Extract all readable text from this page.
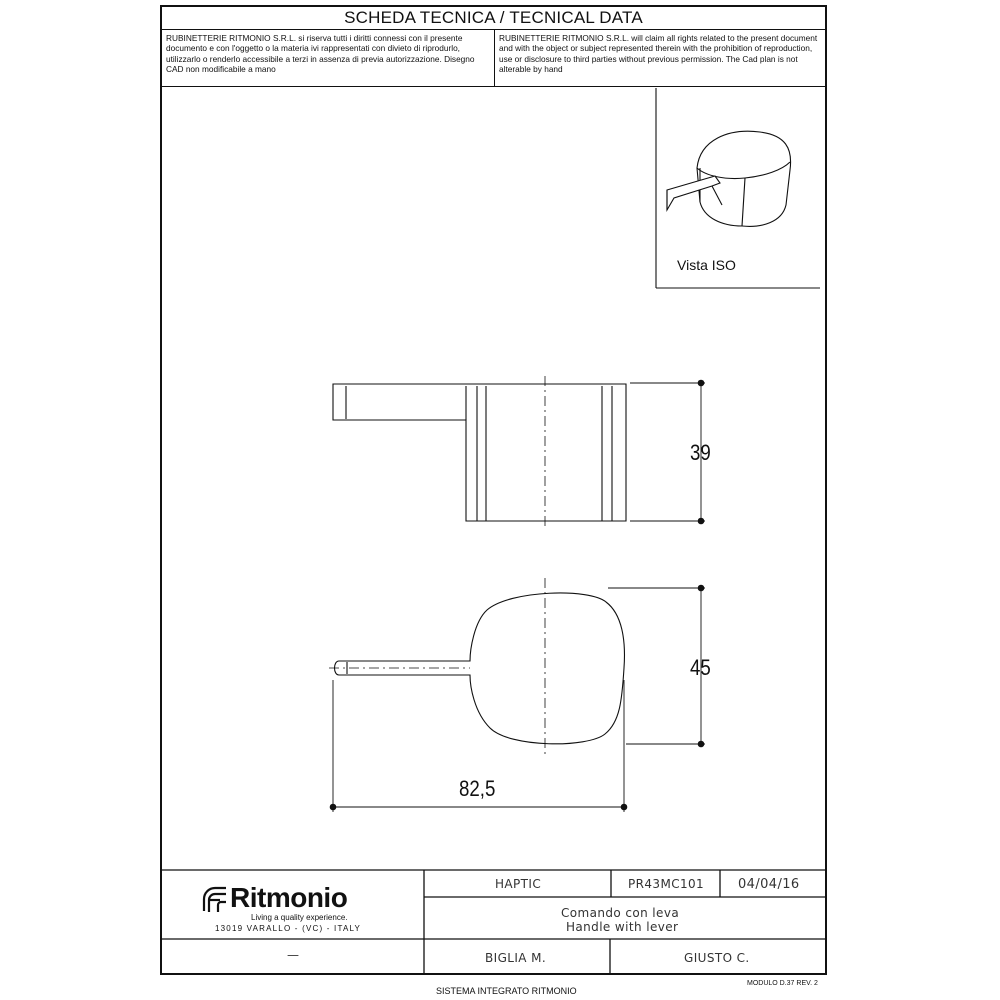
SCHEDA TECNICA / TECNICAL DATA
RUBINETTERIE RITMONIO S.R.L. si riserva tutti i diritti connessi con il presente documento e con l'oggetto o la materia ivi rappresentati con divieto di riprodurlo, utilizzarlo o renderlo accessibile a terzi in assenza di previa autorizzazione. Disegno CAD non modificabile a mano
RUBINETTERIE RITMONIO S.R.L. will claim all rights related to the present document and with the object or subject represented therein with the prohibition of reproduction, use or disclosure to third parties without previous permission. The Cad plan is not alterable by hand
Vista ISO
39
45
82,5
Ritmonio
Living a quality experience.
13019 VARALLO - (VC) - ITALY
HAPTIC	PR43MC101	04/04/16
Comando con leva
Handle with lever
—	BIGLIA M.	GIUSTO C.
SISTEMA INTEGRATO RITMONIO
MODULO D.37 REV. 2
